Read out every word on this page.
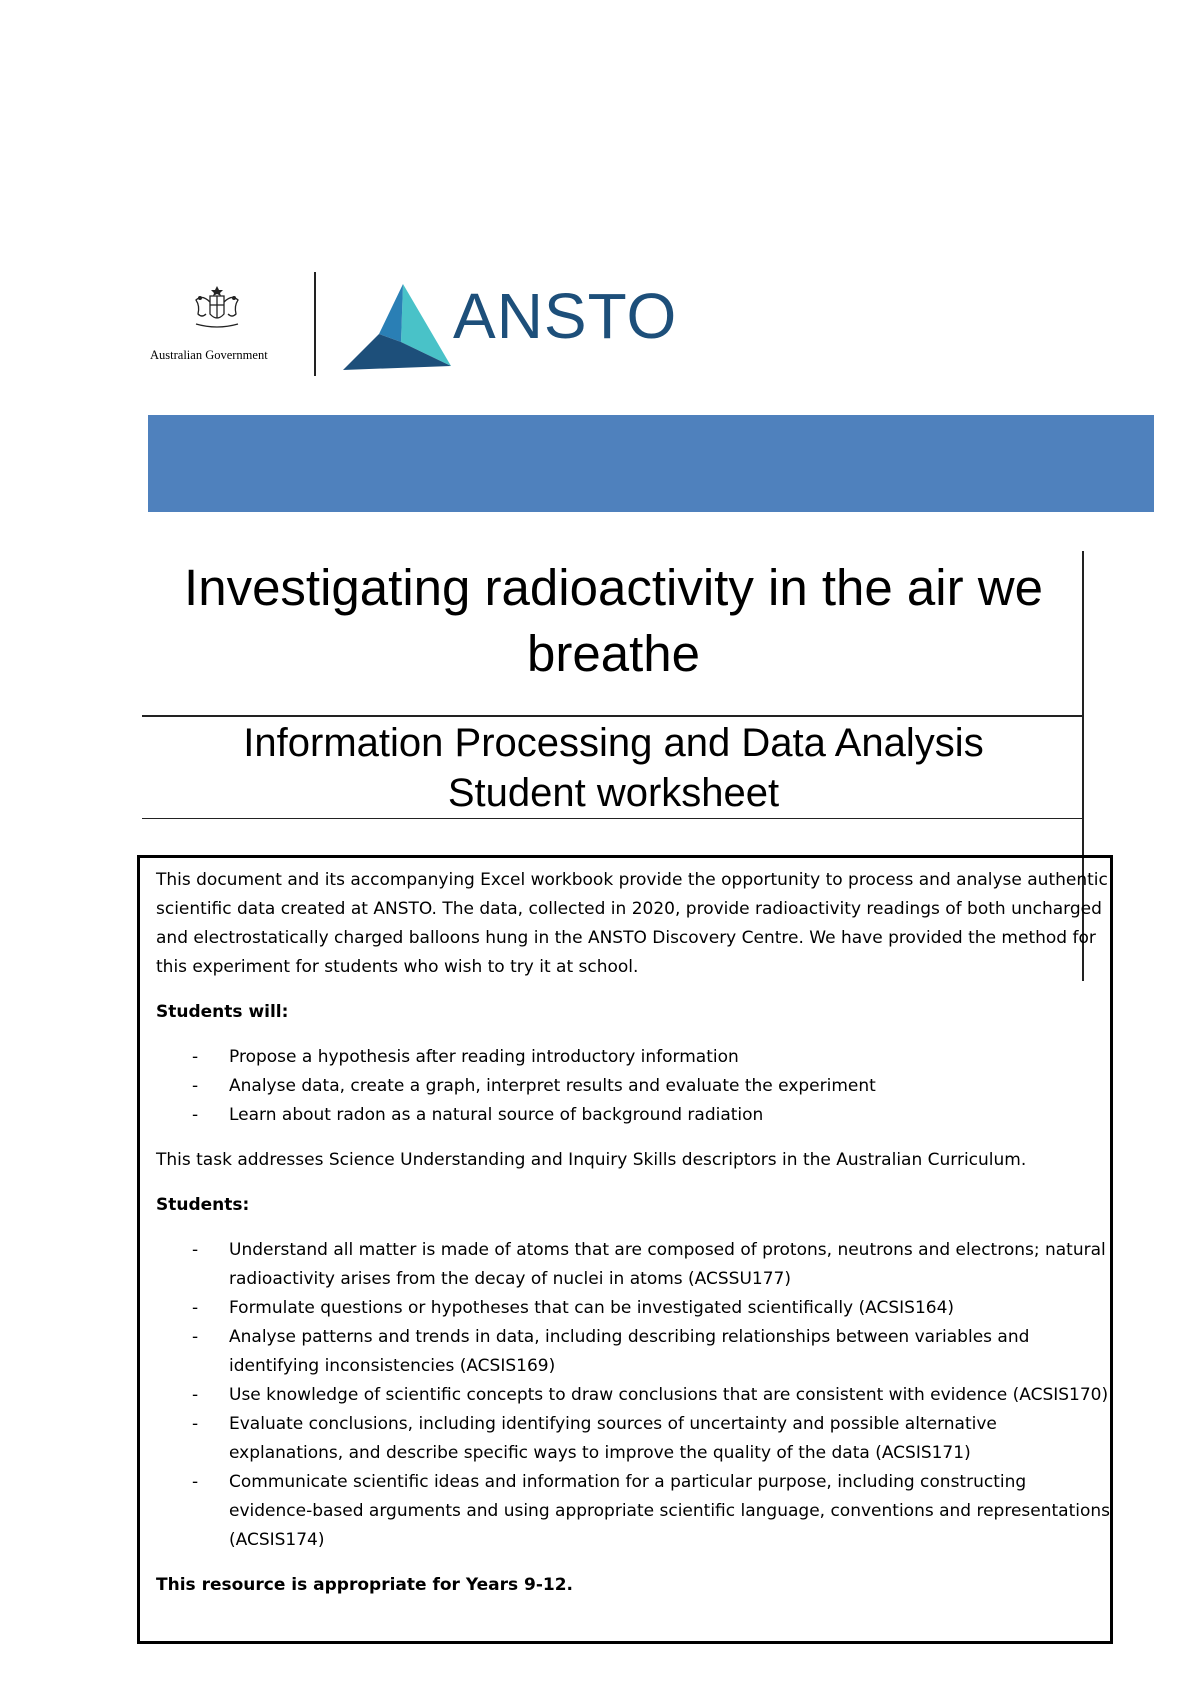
Australian Government
ANSTO
Investigating radioactivity in the air we breathe
Information Processing and Data Analysis
Student worksheet

This document and its accompanying Excel workbook provide the opportunity to process and analyse authentic scientific data created at ANSTO. The data, collected in 2020, provide radioactivity readings of both uncharged and electrostatically charged balloons hung in the ANSTO Discovery Centre. We have provided the method for this experiment for students who wish to try it at school.

Students will:

- Propose a hypothesis after reading introductory information
- Analyse data, create a graph, interpret results and evaluate the experiment
- Learn about radon as a natural source of background radiation

This task addresses Science Understanding and Inquiry Skills descriptors in the Australian Curriculum.

Students:

- Understand all matter is made of atoms that are composed of protons, neutrons and electrons; natural radioactivity arises from the decay of nuclei in atoms (ACSSU177)
- Formulate questions or hypotheses that can be investigated scientifically (ACSIS164)
- Analyse patterns and trends in data, including describing relationships between variables and identifying inconsistencies (ACSIS169)
- Use knowledge of scientific concepts to draw conclusions that are consistent with evidence (ACSIS170)
- Evaluate conclusions, including identifying sources of uncertainty and possible alternative explanations, and describe specific ways to improve the quality of the data (ACSIS171)
- Communicate scientific ideas and information for a particular purpose, including constructing evidence-based arguments and using appropriate scientific language, conventions and representations (ACSIS174)

This resource is appropriate for Years 9-12.
